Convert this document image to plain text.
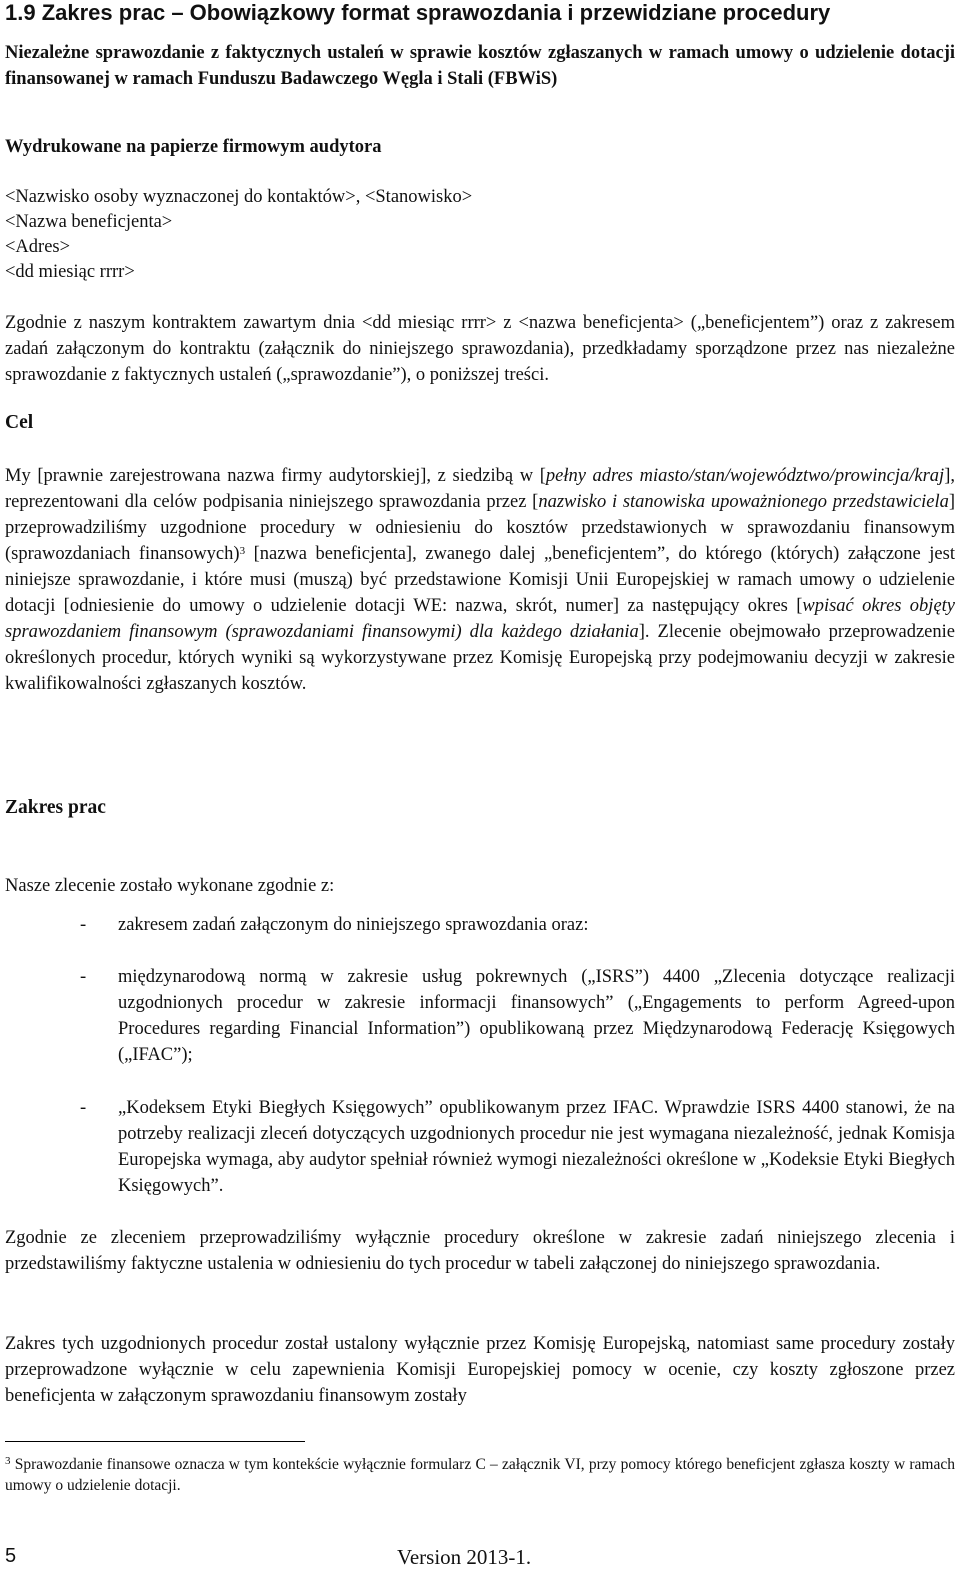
1.9 Zakres prac – Obowiązkowy format sprawozdania i przewidziane procedury

Niezależne sprawozdanie z faktycznych ustaleń w sprawie kosztów zgłaszanych w ramach umowy o udzielenie dotacji finansowanej w ramach Funduszu Badawczego Węgla i Stali (FBWiS)

Wydrukowane na papierze firmowym audytora
<Nazwisko osoby wyznaczonej do kontaktów>, <Stanowisko>
<Nazwa beneficjenta>
<Adres>
<dd miesiąc rrrr>

Zgodnie z naszym kontraktem zawartym dnia <dd miesiąc rrrr> z <nazwa beneficjenta> („beneficjentem”) oraz z zakresem zadań załączonym do kontraktu (załącznik do niniejszego sprawozdania), przedkładamy sporządzone przez nas niezależne sprawozdanie z faktycznych ustaleń („sprawozdanie”), o poniższej treści.

Cel

My [prawnie zarejestrowana nazwa firmy audytorskiej], z siedzibą w [pełny adres miasto/stan/województwo/prowincja/kraj], reprezentowani dla celów podpisania niniejszego sprawozdania przez [nazwisko i stanowiska upoważnionego przedstawiciela] przeprowadziliśmy uzgodnione procedury w odniesieniu do kosztów przedstawionych w sprawozdaniu finansowym (sprawozdaniach finansowych)$^3$ [nazwa beneficjenta], zwanego dalej „beneficjentem”, do którego (których) załączone jest niniejsze sprawozdanie, i które musi (muszą) być przedstawione Komisji Unii Europejskiej w ramach umowy o udzielenie dotacji [odniesienie do umowy o udzielenie dotacji WE: nazwa, skrót, numer] za następujący okres [wpisać okres objęty sprawozdaniem finansowym (sprawozdaniami finansowymi) dla każdego działania]. Zlecenie obejmowało przeprowadzenie określonych procedur, których wyniki są wykorzystywane przez Komisję Europejską przy podejmowaniu decyzji w zakresie kwalifikowalności zgłaszanych kosztów.

Zakres prac
Nasze zlecenie zostało wykonane zgodnie z:
- zakresem zadań załączonym do niniejszego sprawozdania oraz:
- międzynarodową normą w zakresie usług pokrewnych („ISRS”) 4400 „Zlecenia dotyczące realizacji uzgodnionych procedur w zakresie informacji finansowych” („Engagements to perform Agreed-upon Procedures regarding Financial Information”) opublikowaną przez Międzynarodową Federację Księgowych („IFAC”);
- „Kodeksem Etyki Biegłych Księgowych” opublikowanym przez IFAC. Wprawdzie ISRS 4400 stanowi, że na potrzeby realizacji zleceń dotyczących uzgodnionych procedur nie jest wymagana niezależność, jednak Komisja Europejska wymaga, aby audytor spełniał również wymogi niezależności określone w „Kodeksie Etyki Biegłych Księgowych”.

Zgodnie ze zleceniem przeprowadziliśmy wyłącznie procedury określone w zakresie zadań niniejszego zlecenia i przedstawiliśmy faktyczne ustalenia w odniesieniu do tych procedur w tabeli załączonej do niniejszego sprawozdania.

Zakres tych uzgodnionych procedur został ustalony wyłącznie przez Komisję Europejską, natomiast same procedury zostały przeprowadzone wyłącznie w celu zapewnienia Komisji Europejskiej pomocy w ocenie, czy koszty zgłoszone przez beneficjenta w załączonym sprawozdaniu finansowym zostały

$^3$ Sprawozdanie finansowe oznacza w tym kontekście wyłącznie formularz C – załącznik VI, przy pomocy którego beneficjent zgłasza koszty w ramach umowy o udzielenie dotacji.

5	Version 2013-1.
